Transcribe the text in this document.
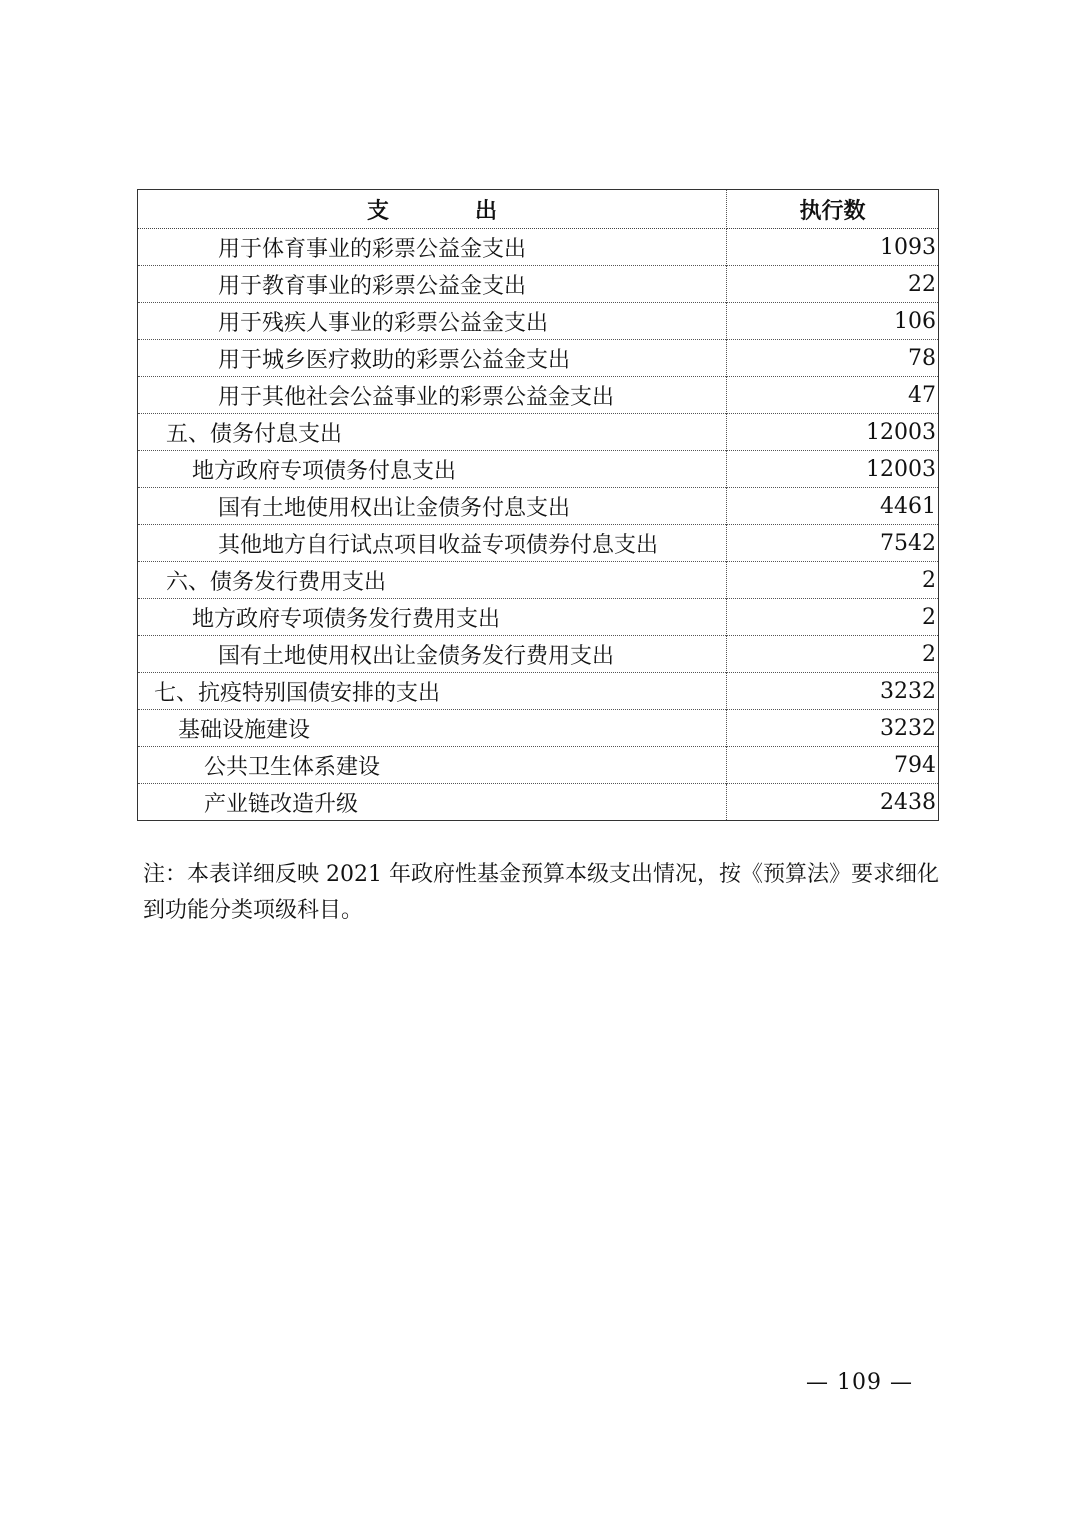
支出	执行数
用于体育事业的彩票公益金支出	1093
用于教育事业的彩票公益金支出	22
用于残疾人事业的彩票公益金支出	106
用于城乡医疗救助的彩票公益金支出	78
用于其他社会公益事业的彩票公益金支出	47
五、债务付息支出	12003
地方政府专项债务付息支出	12003
国有土地使用权出让金债务付息支出	4461
其他地方自行试点项目收益专项债券付息支出	7542
六、债务发行费用支出	2
地方政府专项债务发行费用支出	2
国有土地使用权出让金债务发行费用支出	2
七、抗疫特别国债安排的支出	3232
基础设施建设	3232
公共卫生体系建设	794
产业链改造升级	2438
注：本表详细反映 2021 年政府性基金预算本级支出情况，按《预算法》要求细化到功能分类项级科目。
— 109 —
